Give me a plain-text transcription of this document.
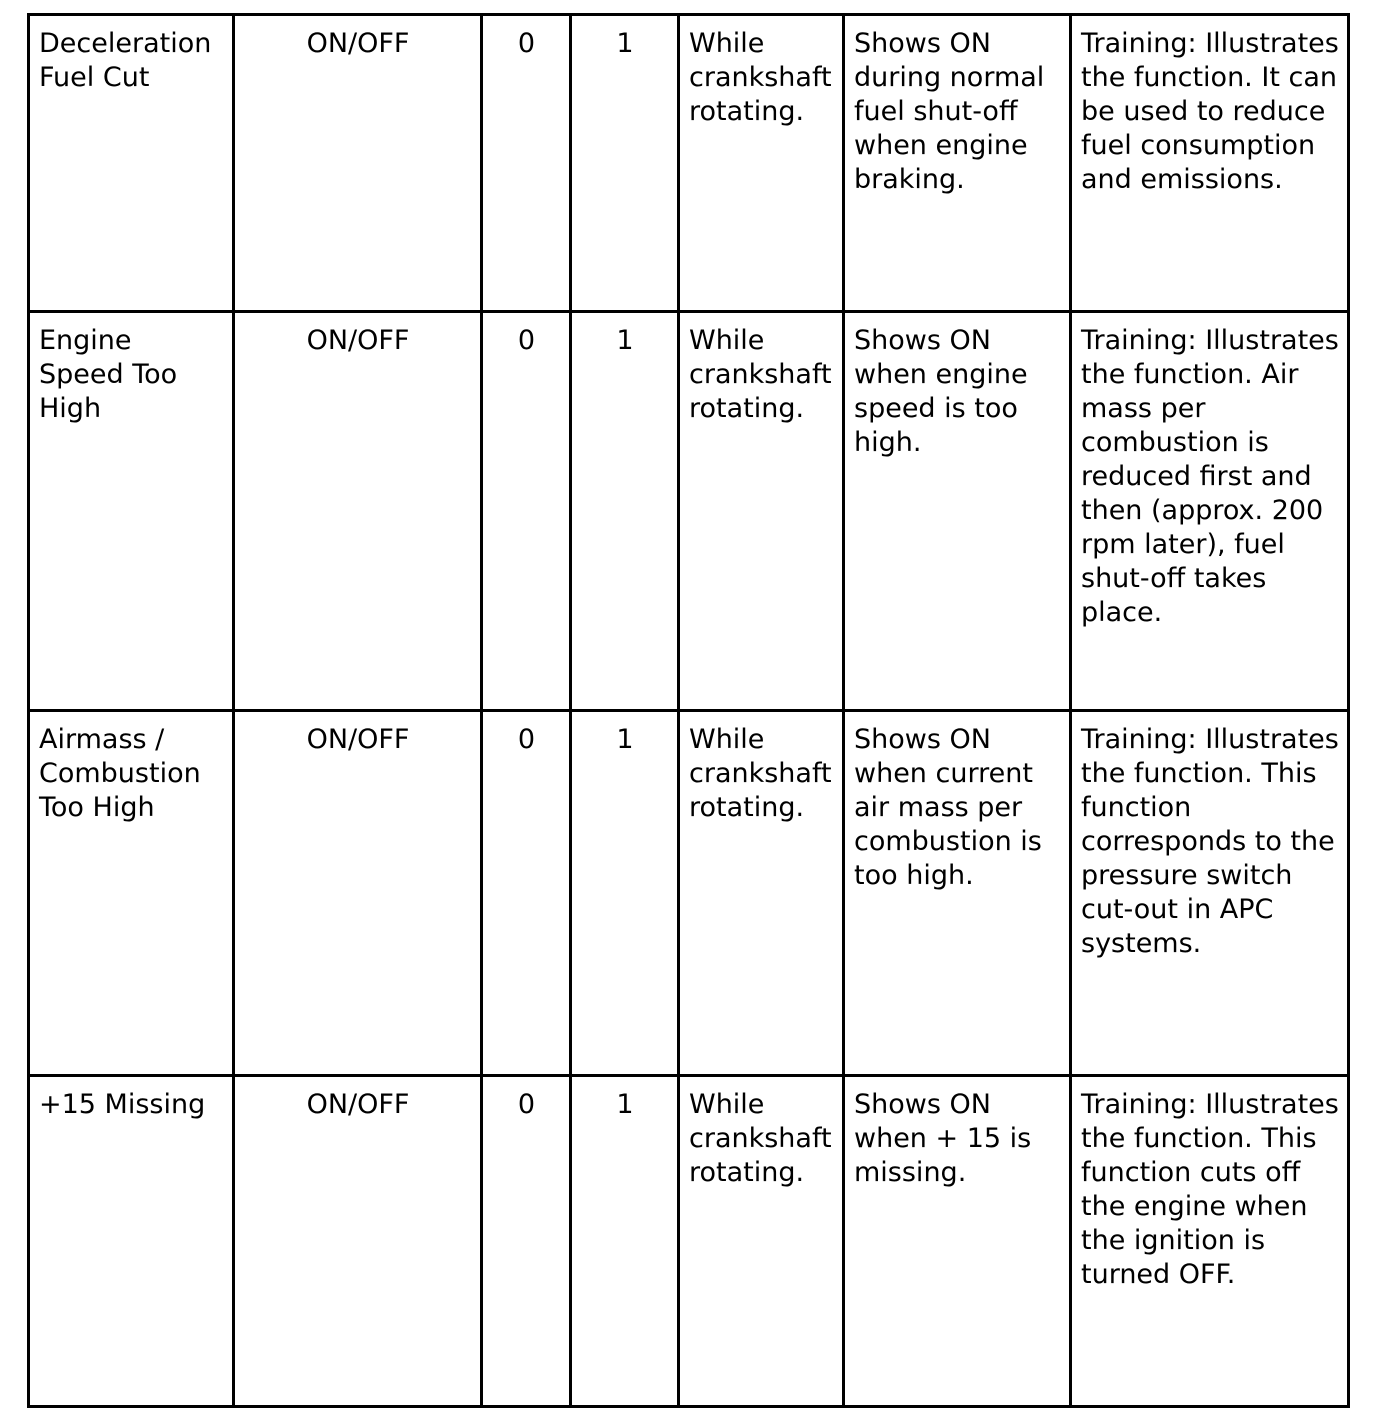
Deceleration Fuel Cut	ON/OFF	0	1	While
crankshaft
rotating.	Shows ON during normal fuel shut-off when engine braking.	Training: Illustrates the function. It can be used to reduce fuel consumption and emissions.
Engine Speed Too High	ON/OFF	0	1	While
crankshaft
rotating.	Shows ON when engine speed is too high.	Training: Illustrates the function. Air mass per combustion is reduced first and then (approx. 200 rpm later), fuel shut-off takes place.
Airmass / Combustion Too High	ON/OFF	0	1	While
crankshaft
rotating.	Shows ON when current air mass per combustion is too high.	Training: Illustrates the function. This function corresponds to the pressure switch cut-out in APC systems.
+15 Missing	ON/OFF	0	1	While
crankshaft
rotating.	Shows ON when + 15 is missing.	Training: Illustrates the function. This function cuts off the engine when the ignition is turned OFF.
